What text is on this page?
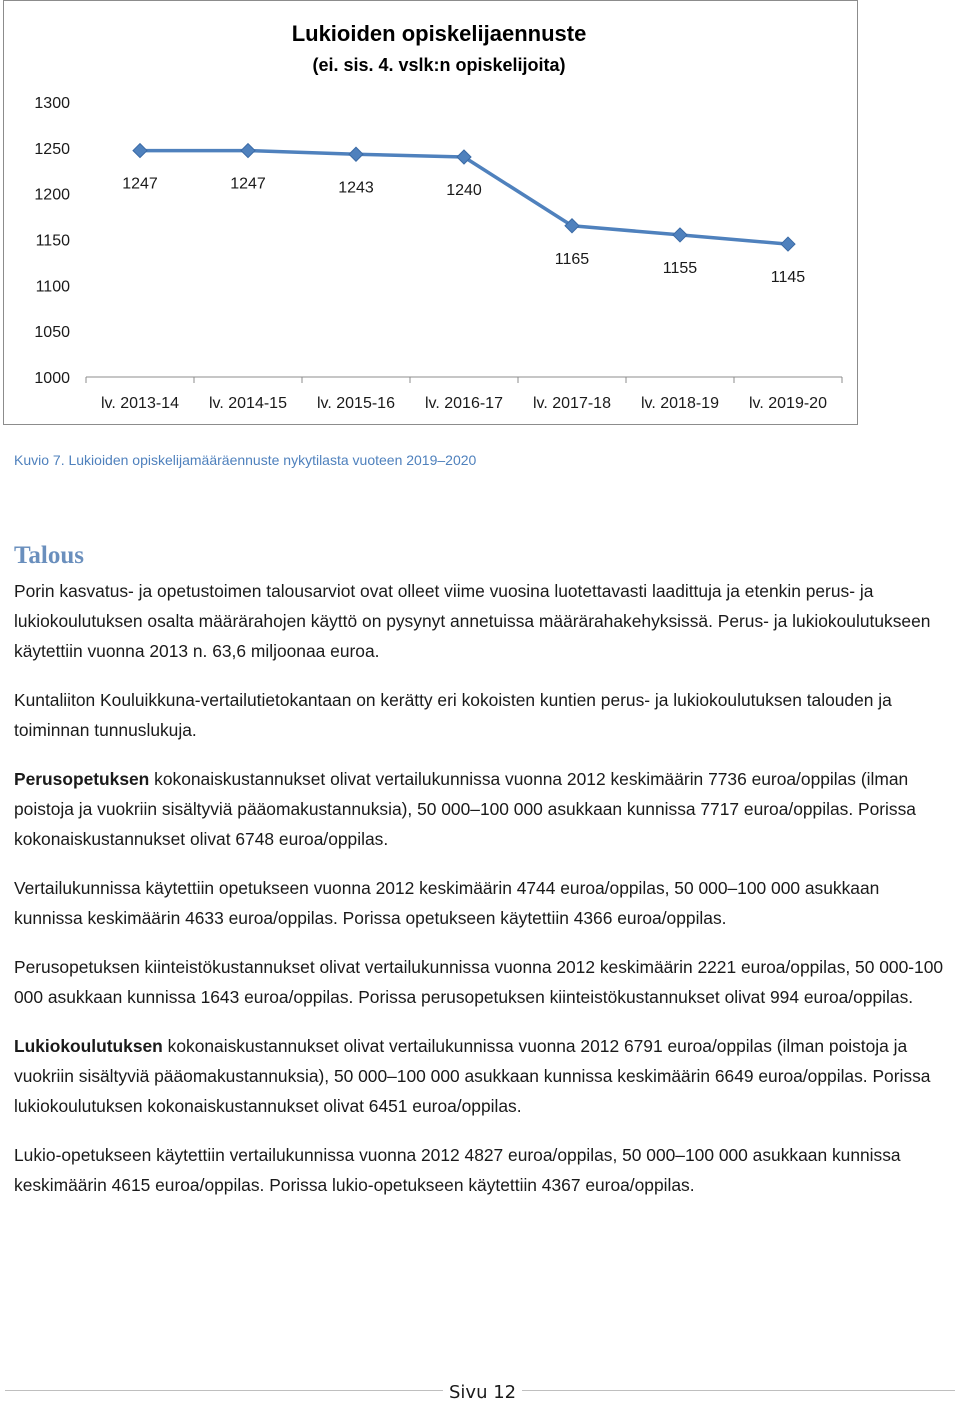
Lukioiden opiskelijaennuste
(ei. sis. 4. vslk:n opiskelijoita)
1000
1050
1100
1150
1200
1250
1300
lv. 2013-14 lv. 2014-15 lv. 2015-16 lv. 2016-17 lv. 2017-18 lv. 2018-19 lv. 2019-20
1247	1247	1243	1240
1165
1155
1145
Kuvio 7. Lukioiden opiskelijamääräennuste nykytilasta vuoteen 2019–2020
Talous

Porin kasvatus- ja opetustoimen talousarviot ovat olleet viime vuosina luotettavasti laadittuja ja etenkin perus- ja lukiokoulutuksen osalta määrärahojen käyttö on pysynyt annetuissa määrärahakehyksissä. Perus- ja lukiokoulutukseen käytettiin vuonna 2013 n. 63,6 miljoonaa euroa.

Kuntaliiton Kouluikkuna-vertailutietokantaan on kerätty eri kokoisten kuntien perus- ja lukiokoulutuksen talouden ja toiminnan tunnuslukuja.

Perusopetuksen kokonaiskustannukset olivat vertailukunnissa vuonna 2012 keskimäärin 7736 euroa/oppilas (ilman poistoja ja vuokriin sisältyviä pääomakustannuksia), 50 000–100 000 asukkaan kunnissa 7717 euroa/oppilas. Porissa kokonaiskustannukset olivat 6748 euroa/oppilas.

Vertailukunnissa käytettiin opetukseen vuonna 2012 keskimäärin 4744 euroa/oppilas, 50 000–100 000 asukkaan kunnissa keskimäärin 4633 euroa/oppilas. Porissa opetukseen käytettiin 4366 euroa/oppilas.

Perusopetuksen kiinteistökustannukset olivat vertailukunnissa vuonna 2012 keskimäärin 2221 euroa/oppilas, 50 000-100 000 asukkaan kunnissa 1643 euroa/oppilas. Porissa perusopetuksen kiinteistökustannukset olivat 994 euroa/oppilas.

Lukiokoulutuksen kokonaiskustannukset olivat vertailukunnissa vuonna 2012 6791 euroa/oppilas (ilman poistoja ja vuokriin sisältyviä pääomakustannuksia), 50 000–100 000 asukkaan kunnissa keskimäärin 6649 euroa/oppilas. Porissa lukiokoulutuksen kokonaiskustannukset olivat 6451 euroa/oppilas.

Lukio-opetukseen käytettiin vertailukunnissa vuonna 2012 4827 euroa/oppilas, 50 000–100 000 asukkaan kunnissa keskimäärin 4615 euroa/oppilas. Porissa lukio-opetukseen käytettiin 4367 euroa/oppilas.

Sivu 12
